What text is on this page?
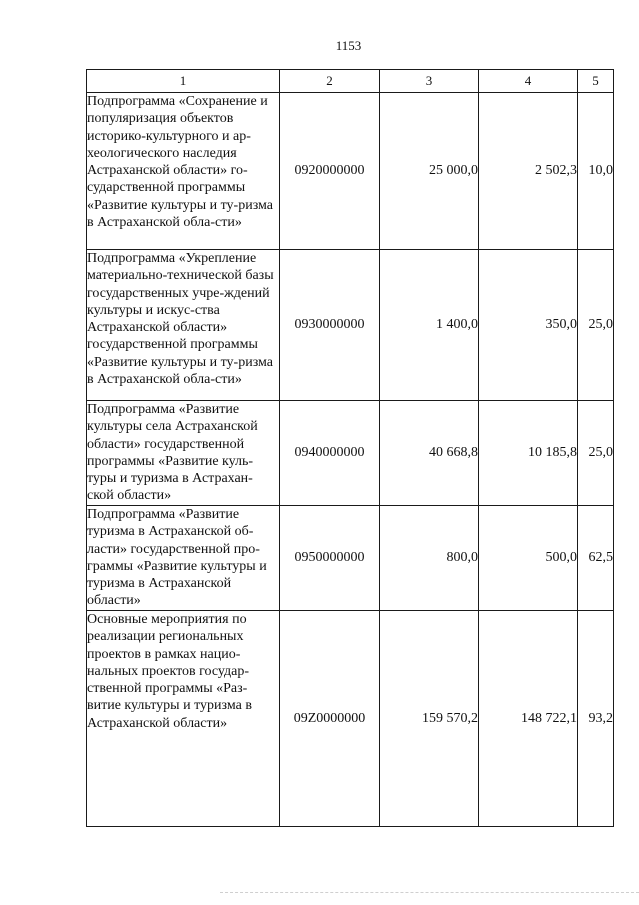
1153
1	2	3	4	5
Подпрограмма «Сохранение и популяризация объектов историко-культурного и ар-хеологического наследия Астраханской области» го-сударственной программы «Развитие культуры и ту-ризма в Астраханской обла-сти»	0920000000	25 000,0	2 502,3	10,0
Подпрограмма «Укрепление материально-технической базы государственных учре-ждений культуры и искус-ства Астраханской области» государственной программы «Развитие культуры и ту-ризма в Астраханской обла-сти»	0930000000	1 400,0	350,0	25,0
Подпрограмма «Развитие культуры села Астраханской области» государственной программы «Развитие куль-туры и туризма в Астрахан-ской области»	0940000000	40 668,8	10 185,8	25,0
Подпрограмма «Развитие туризма в Астраханской об-ласти» государственной про-граммы «Развитие культуры и туризма в Астраханской области»	0950000000	800,0	500,0	62,5
Основные мероприятия по реализации региональных проектов в рамках нацио-нальных проектов государ-ственной программы «Раз-витие культуры и туризма в Астраханской области»	09Z0000000	159 570,2	148 722,1	93,2
